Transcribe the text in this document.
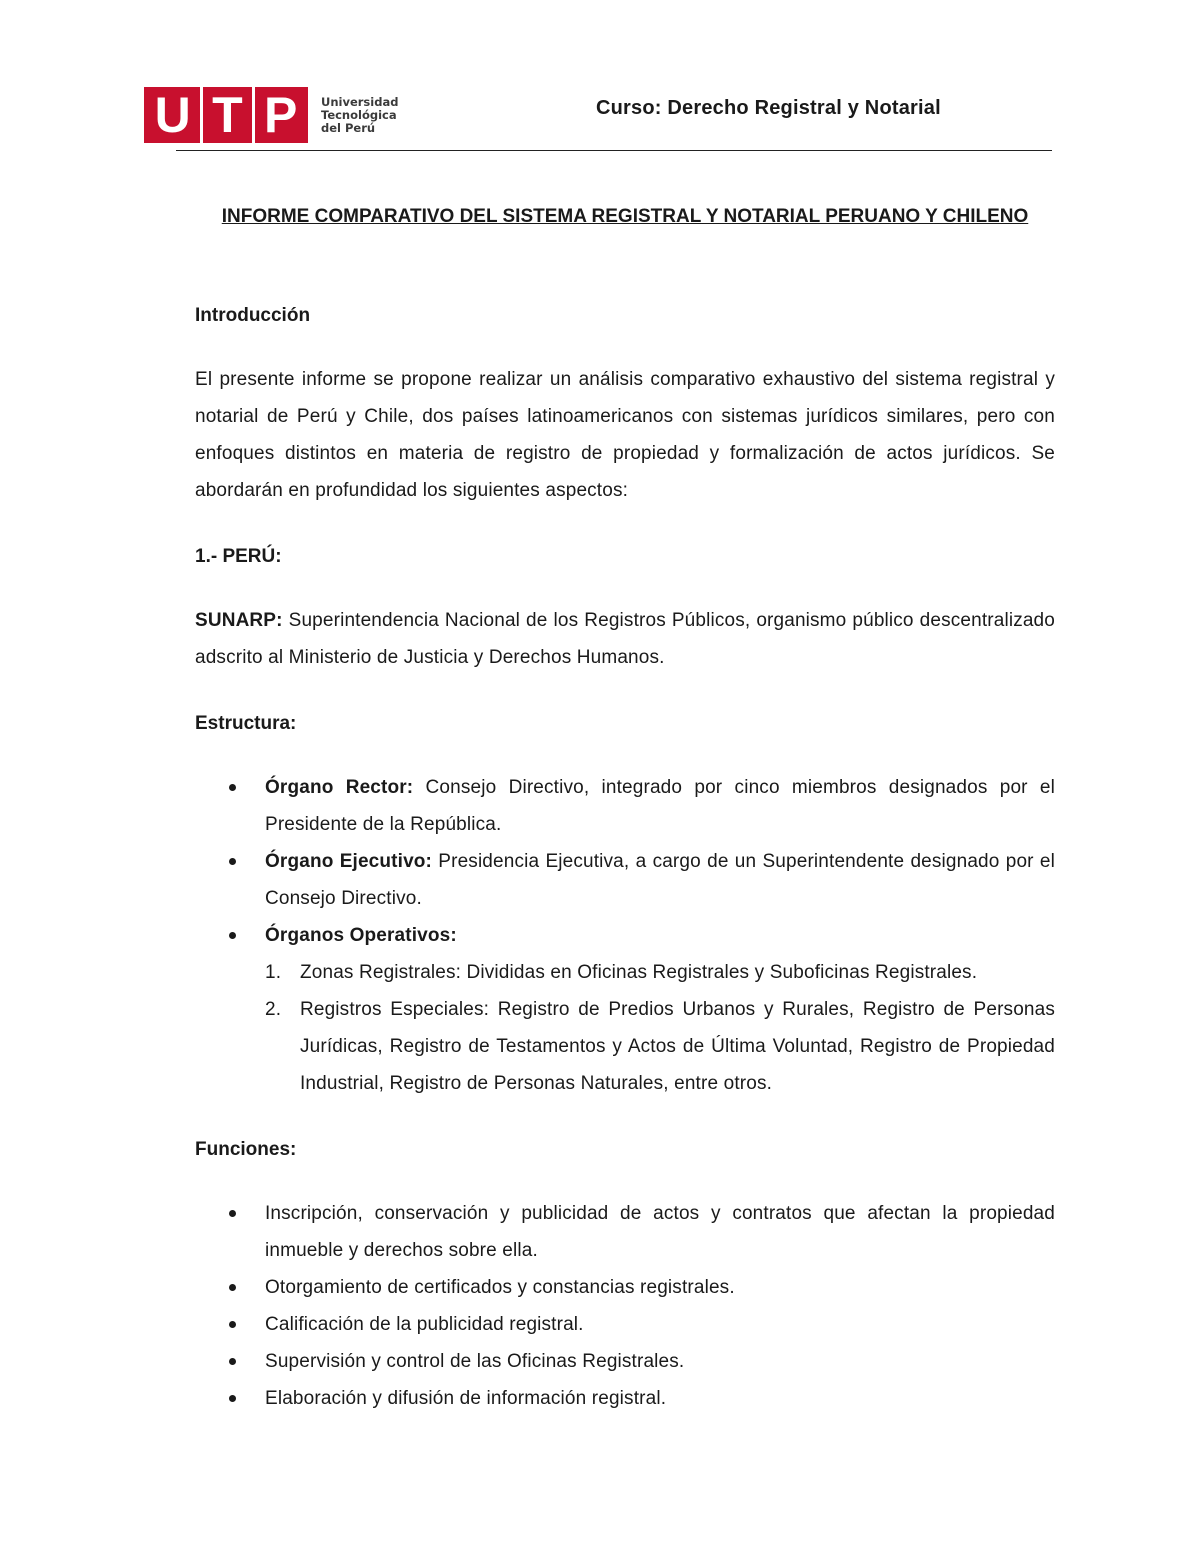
U T P Universidad
Tecnológica
del Perú
Curso: Derecho Registral y Notarial
INFORME COMPARATIVO DEL SISTEMA REGISTRAL Y NOTARIAL PERUANO Y CHILENO
Introducción
El presente informe se propone realizar un análisis comparativo exhaustivo del sistema registral y notarial de Perú y Chile, dos países latinoamericanos con sistemas jurídicos similares, pero con enfoques distintos en materia de registro de propiedad y formalización de actos jurídicos. Se abordarán en profundidad los siguientes aspectos:
1.- PERÚ:
SUNARP: Superintendencia Nacional de los Registros Públicos, organismo público descentralizado adscrito al Ministerio de Justicia y Derechos Humanos.
Estructura:
Órgano Rector: Consejo Directivo, integrado por cinco miembros designados por el Presidente de la República.
Órgano Ejecutivo: Presidencia Ejecutiva, a cargo de un Superintendente designado por el Consejo Directivo.
Órganos Operativos:
1. Zonas Registrales: Divididas en Oficinas Registrales y Suboficinas Registrales.
2. Registros Especiales: Registro de Predios Urbanos y Rurales, Registro de Personas Jurídicas, Registro de Testamentos y Actos de Última Voluntad, Registro de Propiedad Industrial, Registro de Personas Naturales, entre otros.
Funciones:
Inscripción, conservación y publicidad de actos y contratos que afectan la propiedad inmueble y derechos sobre ella.
Otorgamiento de certificados y constancias registrales.
Calificación de la publicidad registral.
Supervisión y control de las Oficinas Registrales.
Elaboración y difusión de información registral.
